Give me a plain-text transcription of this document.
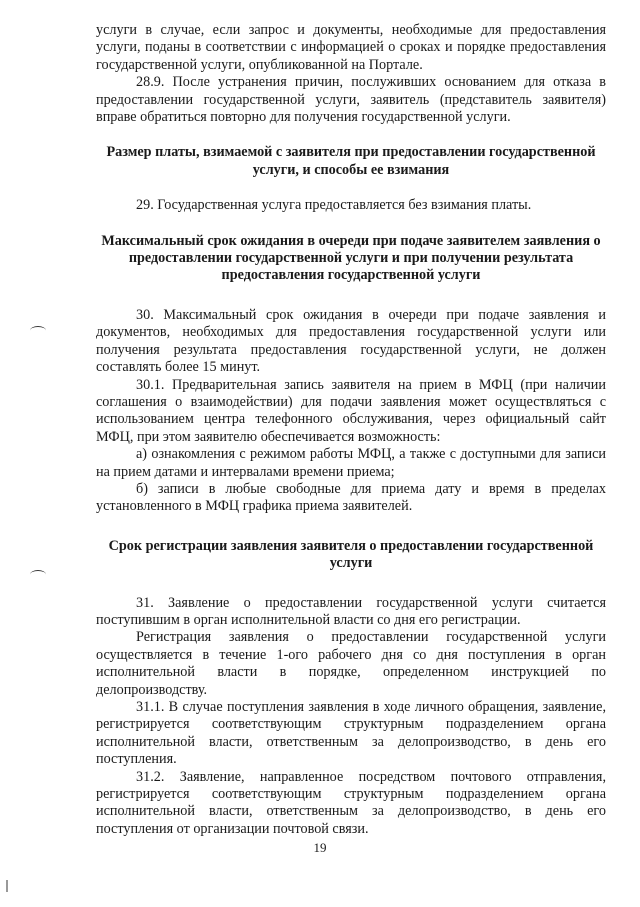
услуги в случае, если запрос и документы, необходимые для предоставления услуги, поданы в соответствии с информацией о сроках и порядке предоставления государственной услуги, опубликованной на Портале.

28.9. После устранения причин, послуживших основанием для отказа в предоставлении государственной услуги, заявитель (представитель заявителя) вправе обратиться повторно для получения государственной услуги.

Размер платы, взимаемой с заявителя при предоставлении государственной услуги, и способы ее взимания

29. Государственная услуга предоставляется без взимания платы.

Максимальный срок ожидания в очереди при подаче заявителем заявления о предоставлении государственной услуги и при получении результата предоставления государственной услуги

30. Максимальный срок ожидания в очереди при подаче заявления и документов, необходимых для предоставления государственной услуги или получения результата предоставления государственной услуги, не должен составлять более 15 минут.

30.1. Предварительная запись заявителя на прием в МФЦ (при наличии соглашения о взаимодействии) для подачи заявления может осуществляться с использованием центра телефонного обслуживания, через официальный сайт МФЦ, при этом заявителю обеспечивается возможность:

а) ознакомления с режимом работы МФЦ, а также с доступными для записи на прием датами и интервалами времени приема;

б) записи в любые свободные для приема дату и время в пределах установленного в МФЦ графика приема заявителей.

Срок регистрации заявления заявителя о предоставлении государственной услуги

31. Заявление о предоставлении государственной услуги считается поступившим в орган исполнительной власти со дня его регистрации.

Регистрация заявления о предоставлении государственной услуги осуществляется в течение 1-ого рабочего дня со дня поступления в орган исполнительной власти в порядке, определенном инструкцией по делопроизводству.

31.1. В случае поступления заявления в ходе личного обращения, заявление, регистрируется соответствующим структурным подразделением органа исполнительной власти, ответственным за делопроизводство, в день его поступления.

31.2. Заявление, направленное посредством почтового отправления, регистрируется соответствующим структурным подразделением органа исполнительной власти, ответственным за делопроизводство, в день его поступления от организации почтовой связи.

19
